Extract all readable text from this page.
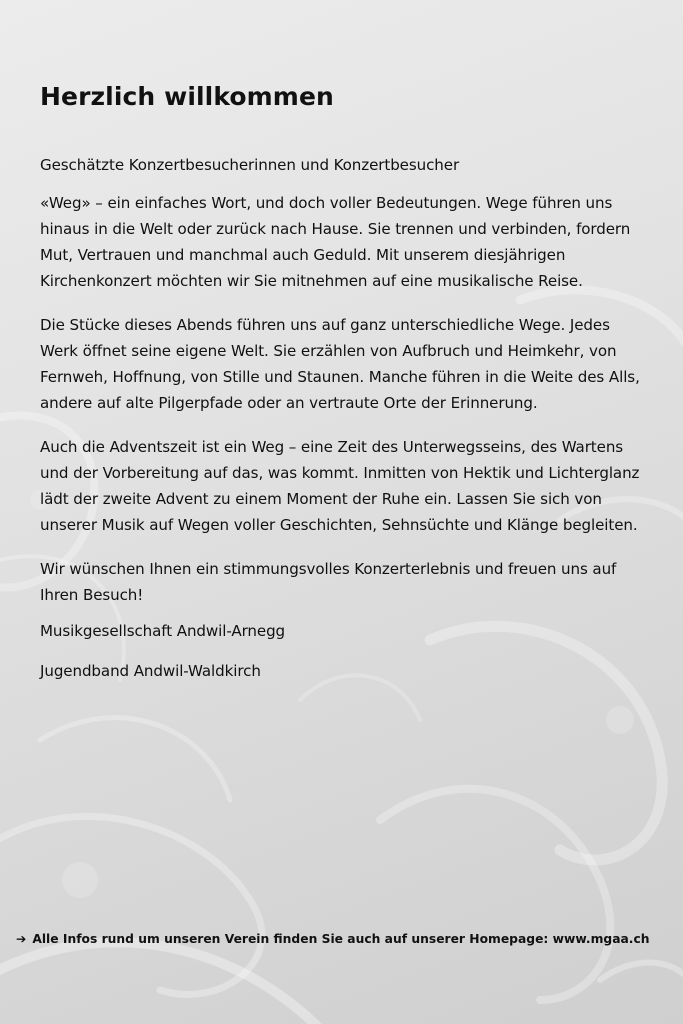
Herzlich willkommen

Geschätzte Konzertbesucherinnen und Konzertbesucher

«Weg» – ein einfaches Wort, und doch voller Bedeutungen. Wege führen uns hinaus in die Welt oder zurück nach Hause. Sie trennen und verbinden, fordern Mut, Vertrauen und manchmal auch Geduld. Mit unserem diesjährigen Kirchenkonzert möchten wir Sie mitnehmen auf eine musikalische Reise.

Die Stücke dieses Abends führen uns auf ganz unterschiedliche Wege. Jedes Werk öffnet seine eigene Welt. Sie erzählen von Aufbruch und Heimkehr, von Fernweh, Hoffnung, von Stille und Staunen. Manche führen in die Weite des Alls, andere auf alte Pilgerpfade oder an vertraute Orte der Erinnerung.

Auch die Adventszeit ist ein Weg – eine Zeit des Unterwegsseins, des Wartens und der Vorbereitung auf das, was kommt. Inmitten von Hektik und Lichterglanz lädt der zweite Advent zu einem Moment der Ruhe ein. Lassen Sie sich von unserer Musik auf Wegen voller Geschichten, Sehnsüchte und Klänge begleiten.

Wir wünschen Ihnen ein stimmungsvolles Konzerterlebnis und freuen uns auf Ihren Besuch!

Musikgesellschaft Andwil-Arnegg

Jugendband Andwil-Waldkirch

➔ Alle Infos rund um unseren Verein finden Sie auch auf unserer Homepage: www.mgaa.ch
